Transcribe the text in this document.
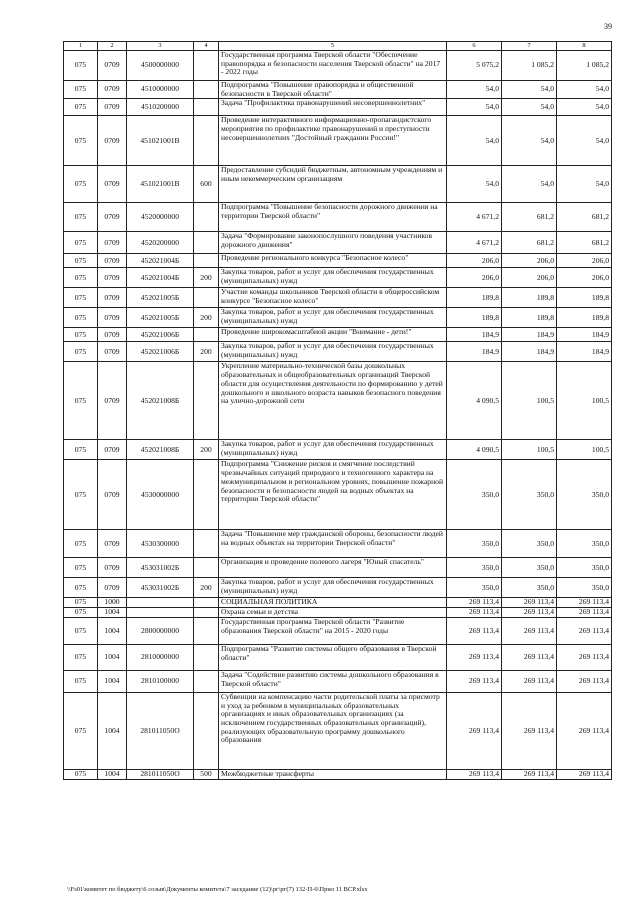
39
1	2	3	4	5	6	7	8
075	0709	4500000000		Государственная программа Тверской области "Обеспечение правопорядка и безопасности населения Тверской области" на 2017 - 2022 годы	5 075,2	1 085,2	1 085,2
075	0709	4510000000		Подпрограмма "Повышение правопорядка и общественной безопасности в Тверской области"	54,0	54,0	54,0
075	0709	4510200000		Задача "Профилактика правонарушений несовершеннолетних"	54,0	54,0	54,0
075	0709	451021001В		Проведение интерактивного информационно-пропагандистского мероприятия по профилактике правонарушений и преступности несовершеннолетних "Достойный гражданин России!"	54,0	54,0	54,0
075	0709	451021001В	600	Предоставление субсидий бюджетным, автономным учреждениям и иным некоммерческим организациям	54,0	54,0	54,0
075	0709	4520000000		Подпрограмма "Повышение безопасности дорожного движения на территории Тверской области"	4 671,2	681,2	681,2
075	0709	4520200000		Задача "Формирование законопослушного поведения участников дорожного движения"	4 671,2	681,2	681,2
075	0709	452021004Б		Проведение регионального конкурса "Безопасное колесо"	206,0	206,0	206,0
075	0709	452021004Б	200	Закупка товаров, работ и услуг для обеспечения государственных (муниципальных) нужд	206,0	206,0	206,0
075	0709	452021005Б		Участие команды школьников Тверской области в общероссийском конкурсе "Безопасное колесо"	189,8	189,8	189,8
075	0709	452021005Б	200	Закупка товаров, работ и услуг для обеспечения государственных (муниципальных) нужд	189,8	189,8	189,8
075	0709	452021006Б		Проведение широкомасштабной акции "Внимание - дети!"	184,9	184,9	184,9
075	0709	452021006Б	200	Закупка товаров, работ и услуг для обеспечения государственных (муниципальных) нужд	184,9	184,9	184,9
075	0709	452021008Б		Укрепление материально-технической базы дошкольных образовательных и общеобразовательных организаций Тверской области для осуществления деятельности по формированию у детей дошкольного и школьного возраста навыков безопасного поведения на улично-дорожной сети	4 090,5	100,5	100,5
075	0709	452021008Б	200	Закупка товаров, работ и услуг для обеспечения государственных (муниципальных) нужд	4 090,5	100,5	100,5
075	0709	4530000000		Подпрограмма "Снижение рисков и смягчение последствий чрезвычайных ситуаций природного и техногенного характера на межмуниципальном и региональном уровнях, повышение пожарной безопасности и безопасности людей на водных объектах на территории Тверской области"	350,0	350,0	350,0
075	0709	4530300000		Задача "Повышение мер гражданской обороны, безопасности людей на водных объектах на территории Тверской области"	350,0	350,0	350,0
075	0709	453031002Б		Организация и проведение полевого лагеря "Юный спасатель"	350,0	350,0	350,0
075	0709	453031002Б	200	Закупка товаров, работ и услуг для обеспечения государственных (муниципальных) нужд	350,0	350,0	350,0
075	1000			СОЦИАЛЬНАЯ ПОЛИТИКА	269 113,4	269 113,4	269 113,4
075	1004			Охрана семьи и детства	269 113,4	269 113,4	269 113,4
075	1004	2800000000		Государственная программа Тверской области "Развитие образования Тверской области" на 2015 - 2020 годы	269 113,4	269 113,4	269 113,4
075	1004	2810000000		Подпрограмма "Развитие системы общего образования в Тверской области"	269 113,4	269 113,4	269 113,4
075	1004	2810100000		Задача "Содействие развитию системы дошкольного образования в Тверской области"	269 113,4	269 113,4	269 113,4
075	1004	281011050О		Субвенции на компенсацию части родительской платы за присмотр и уход за ребенком в муниципальных образовательных организациях и иных образовательных организациях (за исключением государственных образовательных организаций), реализующих образовательную программу дошкольного образования	269 113,4	269 113,4	269 113,4
075	1004	281011050О	500	Межбюджетные трансферты	269 113,4	269 113,4	269 113,4
\\Fs01\комитет по бюджету\6 созыв\Документы комитета\7 заседание (12)\рг\рг(7) 132-П-6\Прил 11 ВСР.xlsx
